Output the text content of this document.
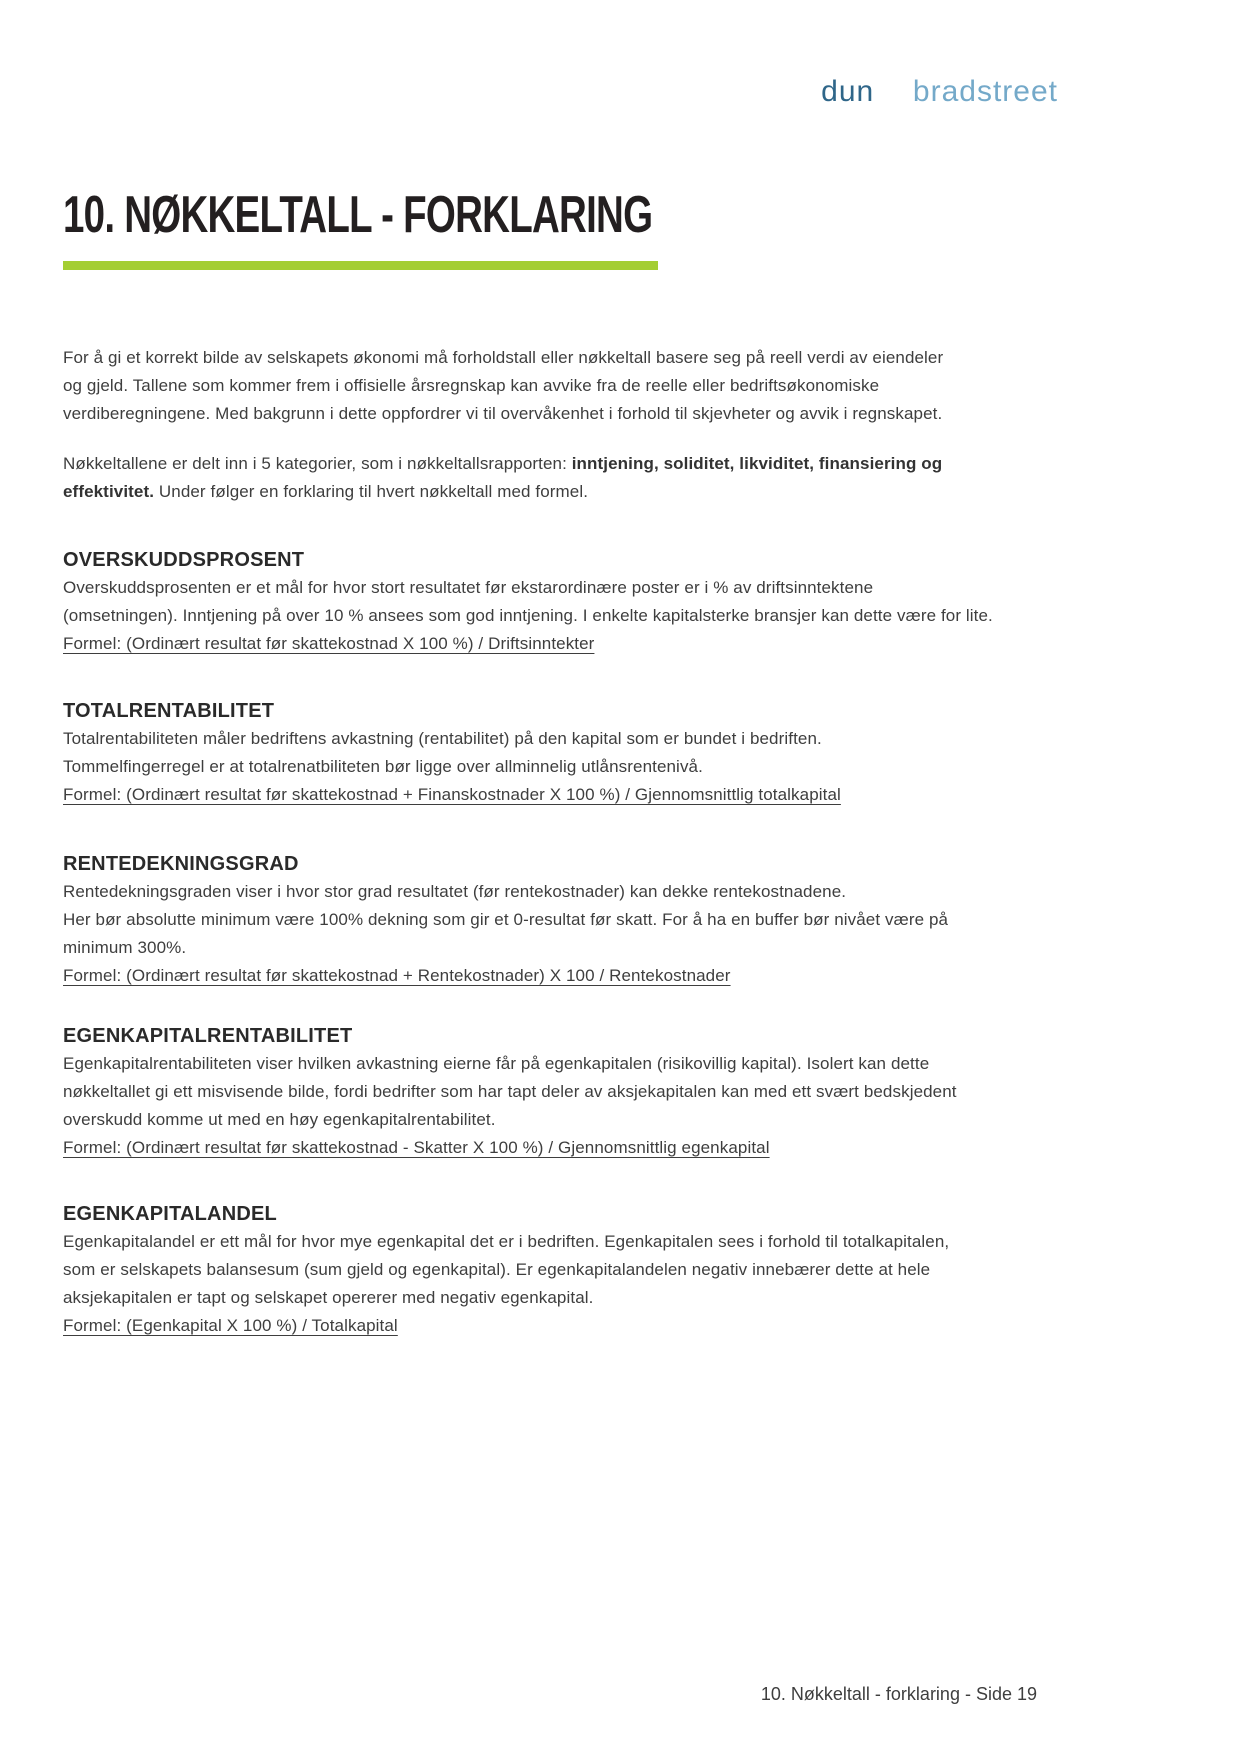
dun & bradstreet
10. NØKKELTALL - FORKLARING
For å gi et korrekt bilde av selskapets økonomi må forholdstall eller nøkkeltall basere seg på reell verdi av eiendeler
og gjeld. Tallene som kommer frem i offisielle årsregnskap kan avvike fra de reelle eller bedriftsøkonomiske
verdiberegningene. Med bakgrunn i dette oppfordrer vi til overvåkenhet i forhold til skjevheter og avvik i regnskapet.
Nøkkeltallene er delt inn i 5 kategorier, som i nøkkeltallsrapporten: inntjening, soliditet, likviditet, finansiering og
effektivitet. Under følger en forklaring til hvert nøkkeltall med formel.
OVERSKUDDSPROSENT
Overskuddsprosenten er et mål for hvor stort resultatet før ekstarordinære poster er i % av driftsinntektene
(omsetningen). Inntjening på over 10 % ansees som god inntjening. I enkelte kapitalsterke bransjer kan dette være for lite.
Formel: (Ordinært resultat før skattekostnad X 100 %) / Driftsinntekter
TOTALRENTABILITET
Totalrentabiliteten måler bedriftens avkastning (rentabilitet) på den kapital som er bundet i bedriften.
Tommelfingerregel er at totalrenatbiliteten bør ligge over allminnelig utlånsrentenivå.
Formel: (Ordinært resultat før skattekostnad + Finanskostnader X 100 %) / Gjennomsnittlig totalkapital
RENTEDEKNINGSGRAD
Rentedekningsgraden viser i hvor stor grad resultatet (før rentekostnader) kan dekke rentekostnadene.
Her bør absolutte minimum være 100% dekning som gir et 0-resultat før skatt. For å ha en buffer bør nivået være på
minimum 300%.
Formel: (Ordinært resultat før skattekostnad + Rentekostnader) X 100 / Rentekostnader
EGENKAPITALRENTABILITET
Egenkapitalrentabiliteten viser hvilken avkastning eierne får på egenkapitalen (risikovillig kapital). Isolert kan dette
nøkkeltallet gi ett misvisende bilde, fordi bedrifter som har tapt deler av aksjekapitalen kan med ett svært bedskjedent
overskudd komme ut med en høy egenkapitalrentabilitet.
Formel: (Ordinært resultat før skattekostnad - Skatter X 100 %) / Gjennomsnittlig egenkapital
EGENKAPITALANDEL
Egenkapitalandel er ett mål for hvor mye egenkapital det er i bedriften. Egenkapitalen sees i forhold til totalkapitalen,
som er selskapets balansesum (sum gjeld og egenkapital). Er egenkapitalandelen negativ innebærer dette at hele
aksjekapitalen er tapt og selskapet opererer med negativ egenkapital.
Formel: (Egenkapital X 100 %) / Totalkapital
10. Nøkkeltall - forklaring - Side 19
